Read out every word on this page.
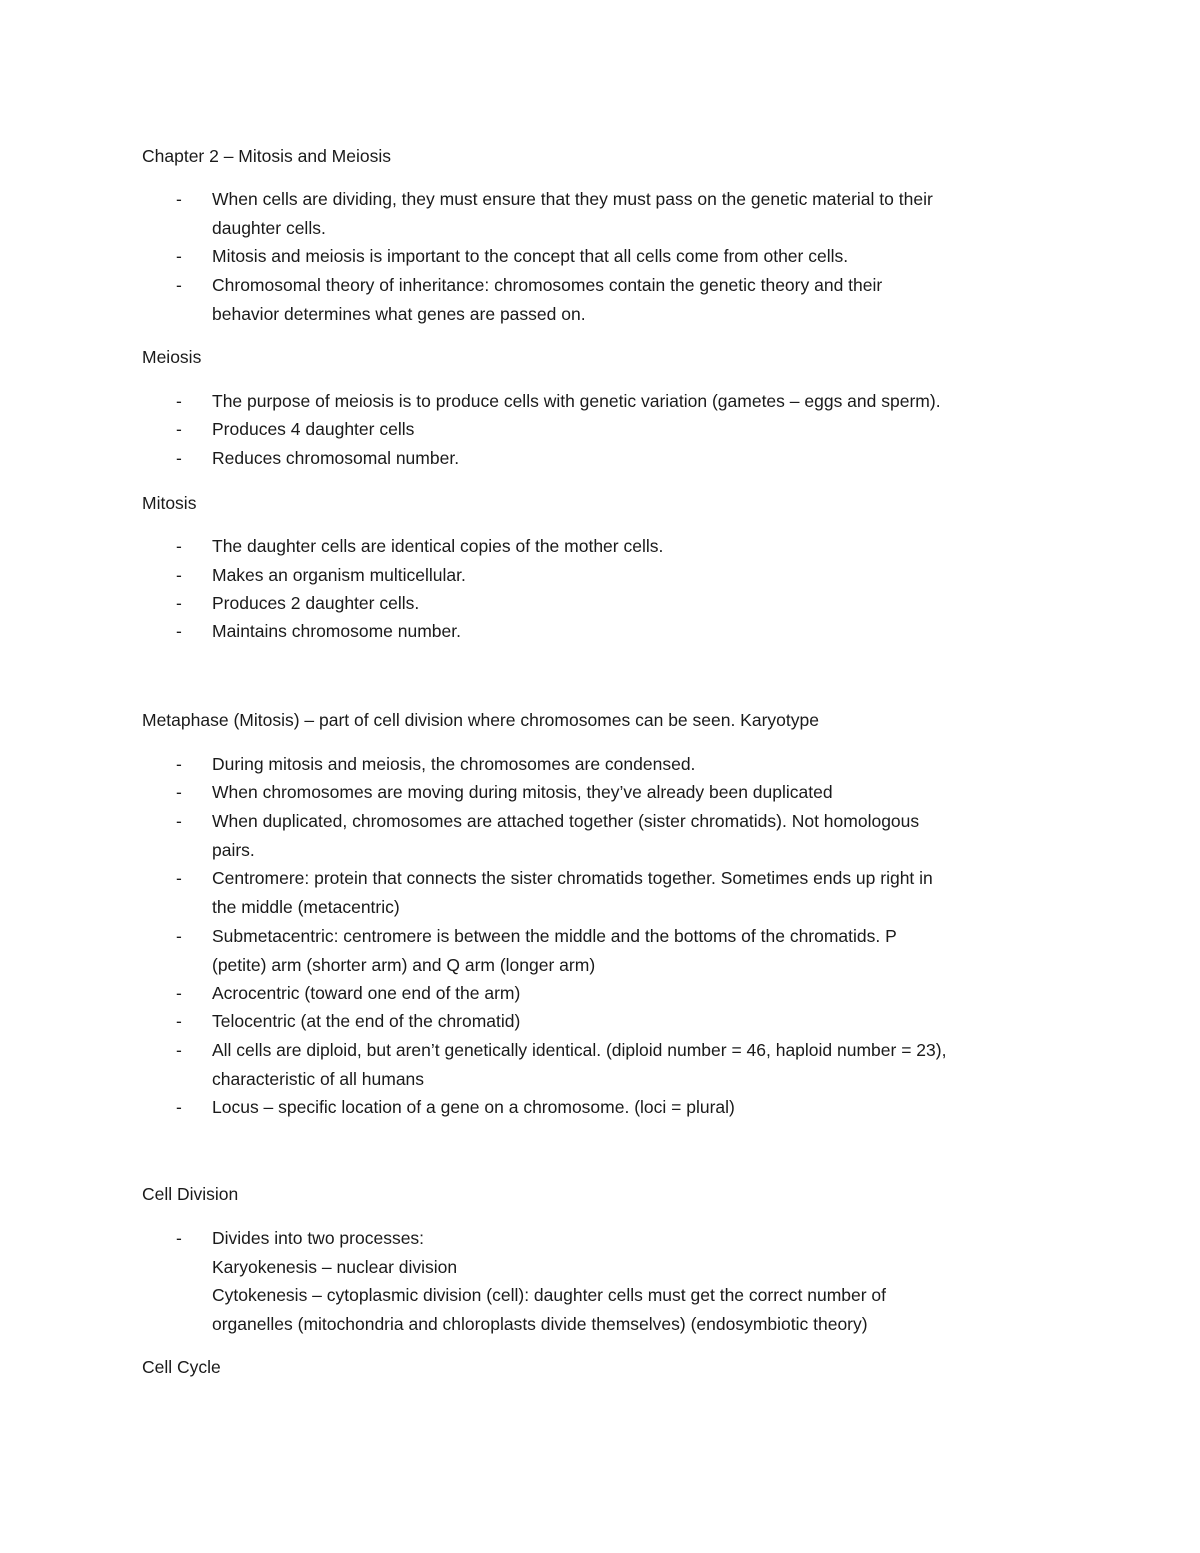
Chapter 2 – Mitosis and Meiosis
- When cells are dividing, they must ensure that they must pass on the genetic material to their
daughter cells.
- Mitosis and meiosis is important to the concept that all cells come from other cells.
- Chromosomal theory of inheritance: chromosomes contain the genetic theory and their
behavior determines what genes are passed on.
Meiosis
- The purpose of meiosis is to produce cells with genetic variation (gametes – eggs and sperm).
- Produces 4 daughter cells
- Reduces chromosomal number.
Mitosis
- The daughter cells are identical copies of the mother cells.
- Makes an organism multicellular.
- Produces 2 daughter cells.
- Maintains chromosome number.
Metaphase (Mitosis) – part of cell division where chromosomes can be seen. Karyotype
- During mitosis and meiosis, the chromosomes are condensed.
- When chromosomes are moving during mitosis, they’ve already been duplicated
- When duplicated, chromosomes are attached together (sister chromatids). Not homologous
pairs.
- Centromere: protein that connects the sister chromatids together. Sometimes ends up right in
the middle (metacentric)
- Submetacentric: centromere is between the middle and the bottoms of the chromatids. P
(petite) arm (shorter arm) and Q arm (longer arm)
- Acrocentric (toward one end of the arm)
- Telocentric (at the end of the chromatid)
- All cells are diploid, but aren’t genetically identical. (diploid number = 46, haploid number = 23),
characteristic of all humans
- Locus – specific location of a gene on a chromosome. (loci = plural)
Cell Division
- Divides into two processes:
Karyokenesis – nuclear division
Cytokenesis – cytoplasmic division (cell): daughter cells must get the correct number of
organelles (mitochondria and chloroplasts divide themselves) (endosymbiotic theory)
Cell Cycle
